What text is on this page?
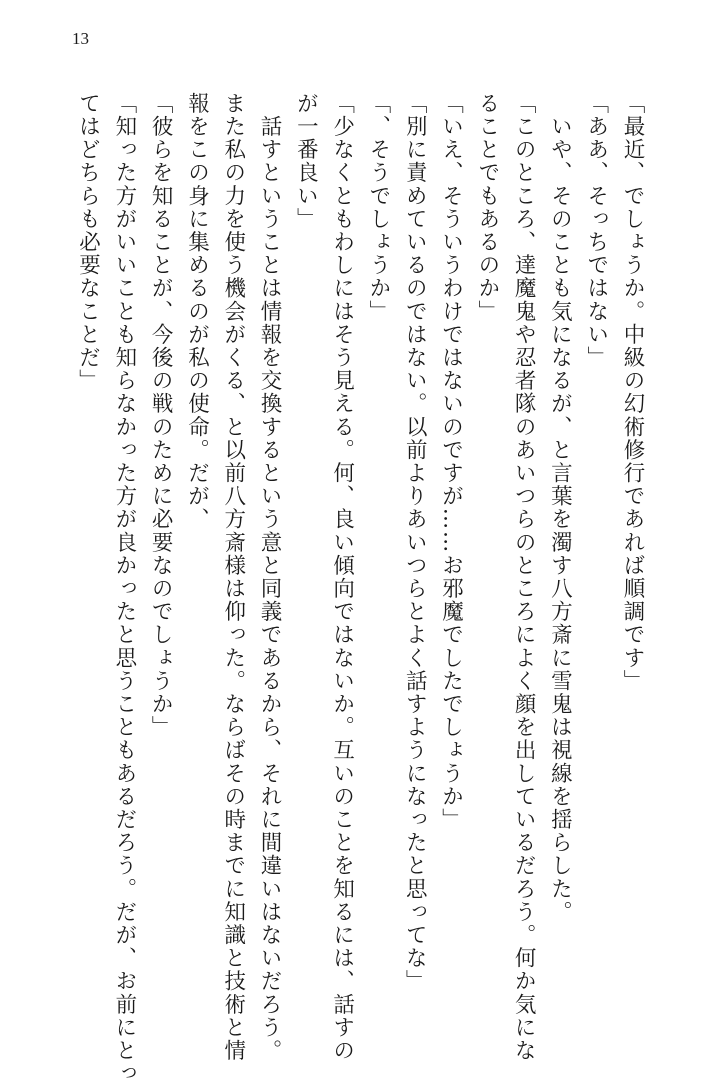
13
「最近、でしょうか。中級の幻術修行であれば順調です」
「ああ、そっちではない」
　いや、そのことも気になるが、と言葉を濁す八方斎に雪鬼は視線を揺らした。
「このところ、達魔鬼や忍者隊のあいつらのところによく顔を出しているだろう。何か気にな
ることでもあるのか」
「いえ、そういうわけではないのですが……お邪魔でしたでしょうか」
「別に責めているのではない。以前よりあいつらとよく話すようになったと思ってな」
「、そうでしょうか」
「少なくともわしにはそう見える。何、良い傾向ではないか。互いのことを知るには、話すの
が一番良い」
　話すということは情報を交換するという意と同義であるから、それに間違いはないだろう。
また私の力を使う機会がくる、と以前八方斎様は仰った。ならばその時までに知識と技術と情
報をこの身に集めるのが私の使命。だが、
「彼らを知ることが、今後の戦のために必要なのでしょうか」
「知った方がいいことも知らなかった方が良かったと思うこともあるだろう。だが、お前にとっ
てはどちらも必要なことだ」
